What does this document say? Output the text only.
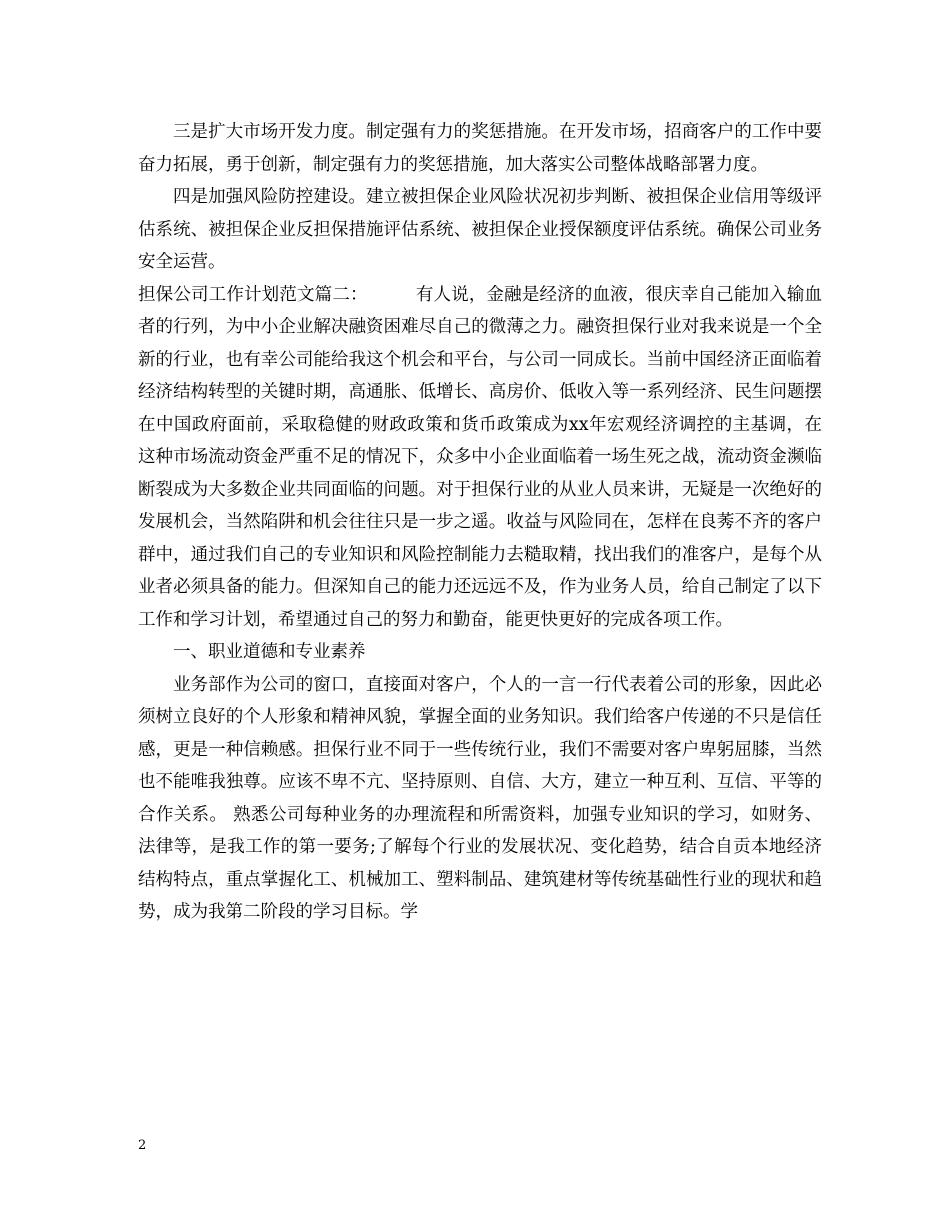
三是扩大市场开发力度。制定强有力的奖惩措施。在开发市场，招商客户的工作中要奋力拓展，勇于创新，制定强有力的奖惩措施，加大落实公司整体战略部署力度。

四是加强风险防控建设。建立被担保企业风险状况初步判断、被担保企业信用等级评估系统、被担保企业反担保措施评估系统、被担保企业授保额度评估系统。确保公司业务安全运营。

担保公司工作计划范文篇二：	有人说，金融是经济的血液，很庆幸自己能加入输血者的行列，为中小企业解决融资困难尽自己的微薄之力。融资担保行业对我来说是一个全新的行业，也有幸公司能给我这个机会和平台，与公司一同成长。当前中国经济正面临着经济结构转型的关键时期，高通胀、低增长、高房价、低收入等一系列经济、民生问题摆在中国政府面前，采取稳健的财政政策和货币政策成为xx年宏观经济调控的主基调，在这种市场流动资金严重不足的情况下，众多中小企业面临着一场生死之战，流动资金濒临断裂成为大多数企业共同面临的问题。对于担保行业的从业人员来讲，无疑是一次绝好的发展机会，当然陷阱和机会往往只是一步之遥。收益与风险同在，怎样在良莠不齐的客户群中，通过我们自己的专业知识和风险控制能力去糙取精，找出我们的准客户，是每个从业者必须具备的能力。但深知自己的能力还远远不及，作为业务人员，给自己制定了以下工作和学习计划，希望通过自己的努力和勤奋，能更快更好的完成各项工作。

一、职业道德和专业素养

业务部作为公司的窗口，直接面对客户，个人的一言一行代表着公司的形象，因此必须树立良好的个人形象和精神风貌，掌握全面的业务知识。我们给客户传递的不只是信任感，更是一种信赖感。担保行业不同于一些传统行业，我们不需要对客户卑躬屈膝，当然也不能唯我独尊。应该不卑不亢、坚持原则、自信、大方，建立一种互利、互信、平等的合作关系。 熟悉公司每种业务的办理流程和所需资料，加强专业知识的学习，如财务、法律等，是我工作的第一要务;了解每个行业的发展状况、变化趋势，结合自贡本地经济结构特点，重点掌握化工、机械加工、塑料制品、建筑建材等传统基础性行业的现状和趋势，成为我第二阶段的学习目标。学

2
